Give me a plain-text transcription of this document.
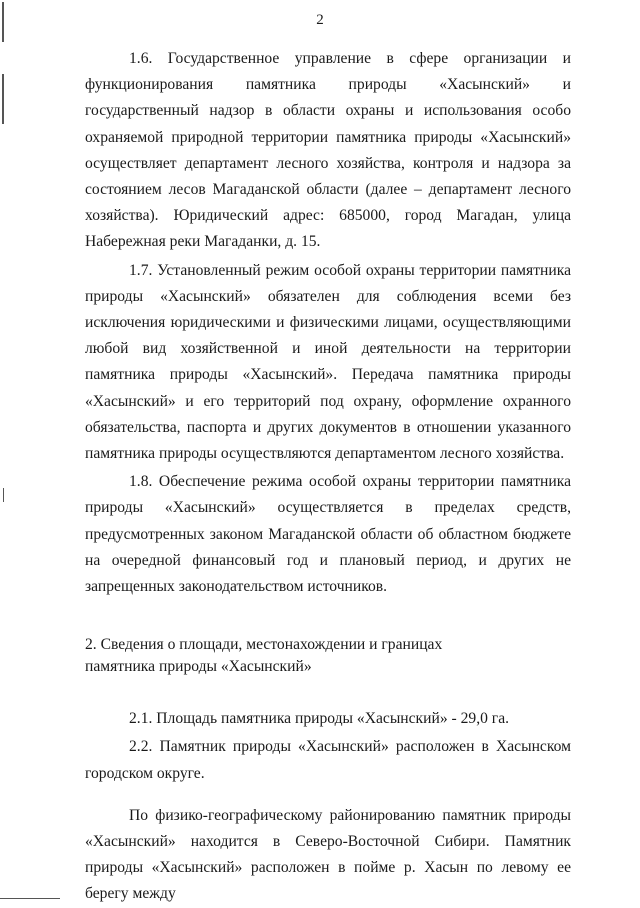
2

1.6. Государственное управление в сфере организации и функционирования памятника природы «Хасынский» и государственный надзор в области охраны и использования особо охраняемой природной территории памятника природы «Хасынский» осуществляет департамент лесного хозяйства, контроля и надзора за состоянием лесов Магаданской области (далее – департамент лесного хозяйства). Юридический адрес: 685000, город Магадан, улица Набережная реки Магаданки, д. 15.

1.7. Установленный режим особой охраны территории памятника природы «Хасынский» обязателен для соблюдения всеми без исключения юридическими и физическими лицами, осуществляющими любой вид хозяйственной и иной деятельности на территории памятника природы «Хасынский». Передача памятника природы «Хасынский» и его территорий под охрану, оформление охранного обязательства, паспорта и других документов в отношении указанного памятника природы осуществляются департаментом лесного хозяйства.

1.8. Обеспечение режима особой охраны территории памятника природы «Хасынский» осуществляется в пределах средств, предусмотренных законом Магаданской области об областном бюджете на очередной финансовый год и плановый период, и других не запрещенных законодательством источников.

2. Сведения о площади, местонахождении и границах
памятника природы «Хасынский»

2.1. Площадь памятника природы «Хасынский» - 29,0 га.

2.2. Памятник природы «Хасынский» расположен в Хасынском городском округе.

По физико-географическому районированию памятник природы «Хасынский» находится в Северо-Восточной Сибири. Памятник природы «Хасынский» расположен в пойме р. Хасын по левому ее берегу между
